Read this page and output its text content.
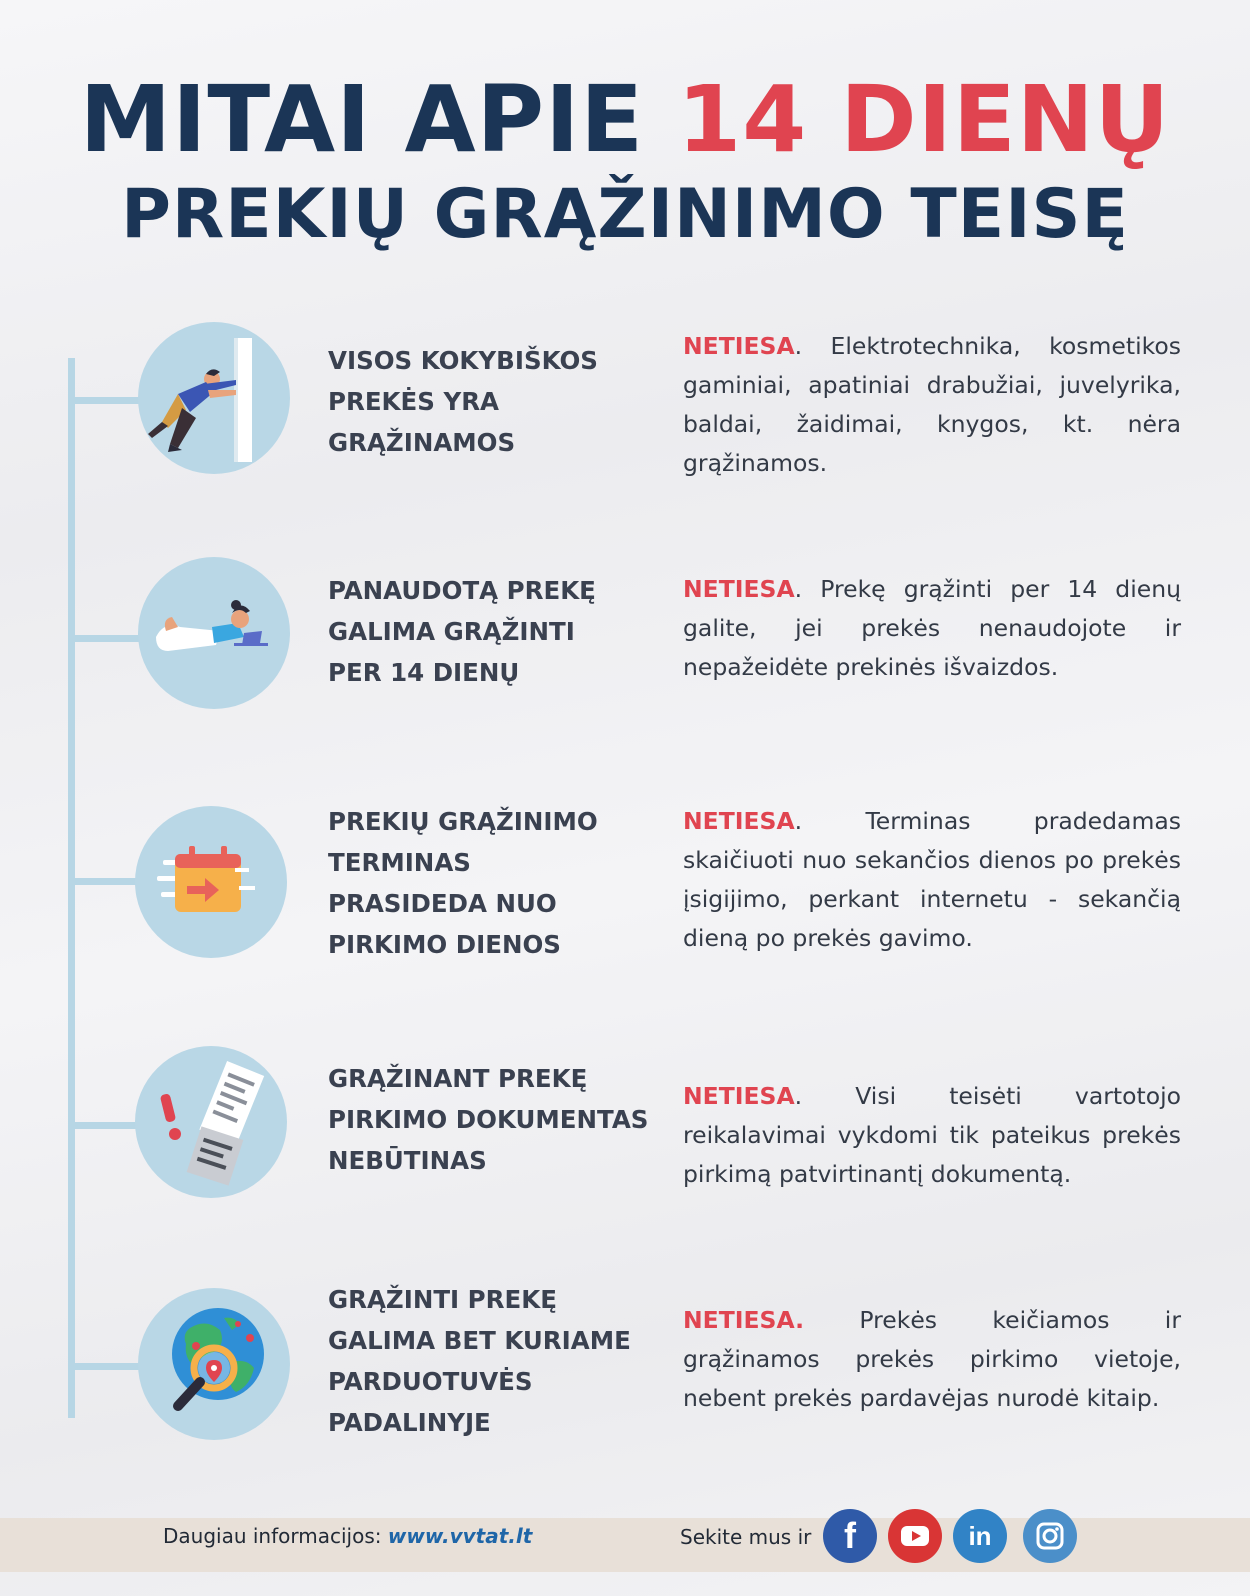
MITAI APIE 14 DIENŲ
PREKIŲ GRĄŽINIMO TEISĘ
VISOS KOKYBIŠKOS
PREKĖS YRA
GRĄŽINAMOS
NETIESA. Elektrotechnika, kosmetikos gaminiai, apatiniai drabužiai, juvelyrika, baldai, žaidimai, knygos, kt. nėra grąžinamos.
PANAUDOTĄ PREKĘ
GALIMA GRĄŽINTI
PER 14 DIENŲ
NETIESA. Prekę grąžinti per 14 dienų galite, jei prekės nenaudojote ir nepažeidėte prekinės išvaizdos.
PREKIŲ GRĄŽINIMO
TERMINAS
PRASIDEDA NUO
PIRKIMO DIENOS
NETIESA. Terminas pradedamas skaičiuoti nuo sekančios dienos po prekės įsigijimo, perkant internetu - sekančią dieną po prekės gavimo.
GRĄŽINANT PREKĘ
PIRKIMO DOKUMENTAS
NEBŪTINAS
NETIESA. Visi teisėti vartotojo reikalavimai vykdomi tik pateikus prekės pirkimą patvirtinantį dokumentą.
GRĄŽINTI PREKĘ
GALIMA BET KURIAME
PARDUOTUVĖS
PADALINYJE
NETIESA. Prekės keičiamos ir grąžinamos prekės pirkimo vietoje, nebent prekės pardavėjas nurodė kitaip.
Daugiau informacijos: www.vvtat.lt	Sekite mus ir f	in
